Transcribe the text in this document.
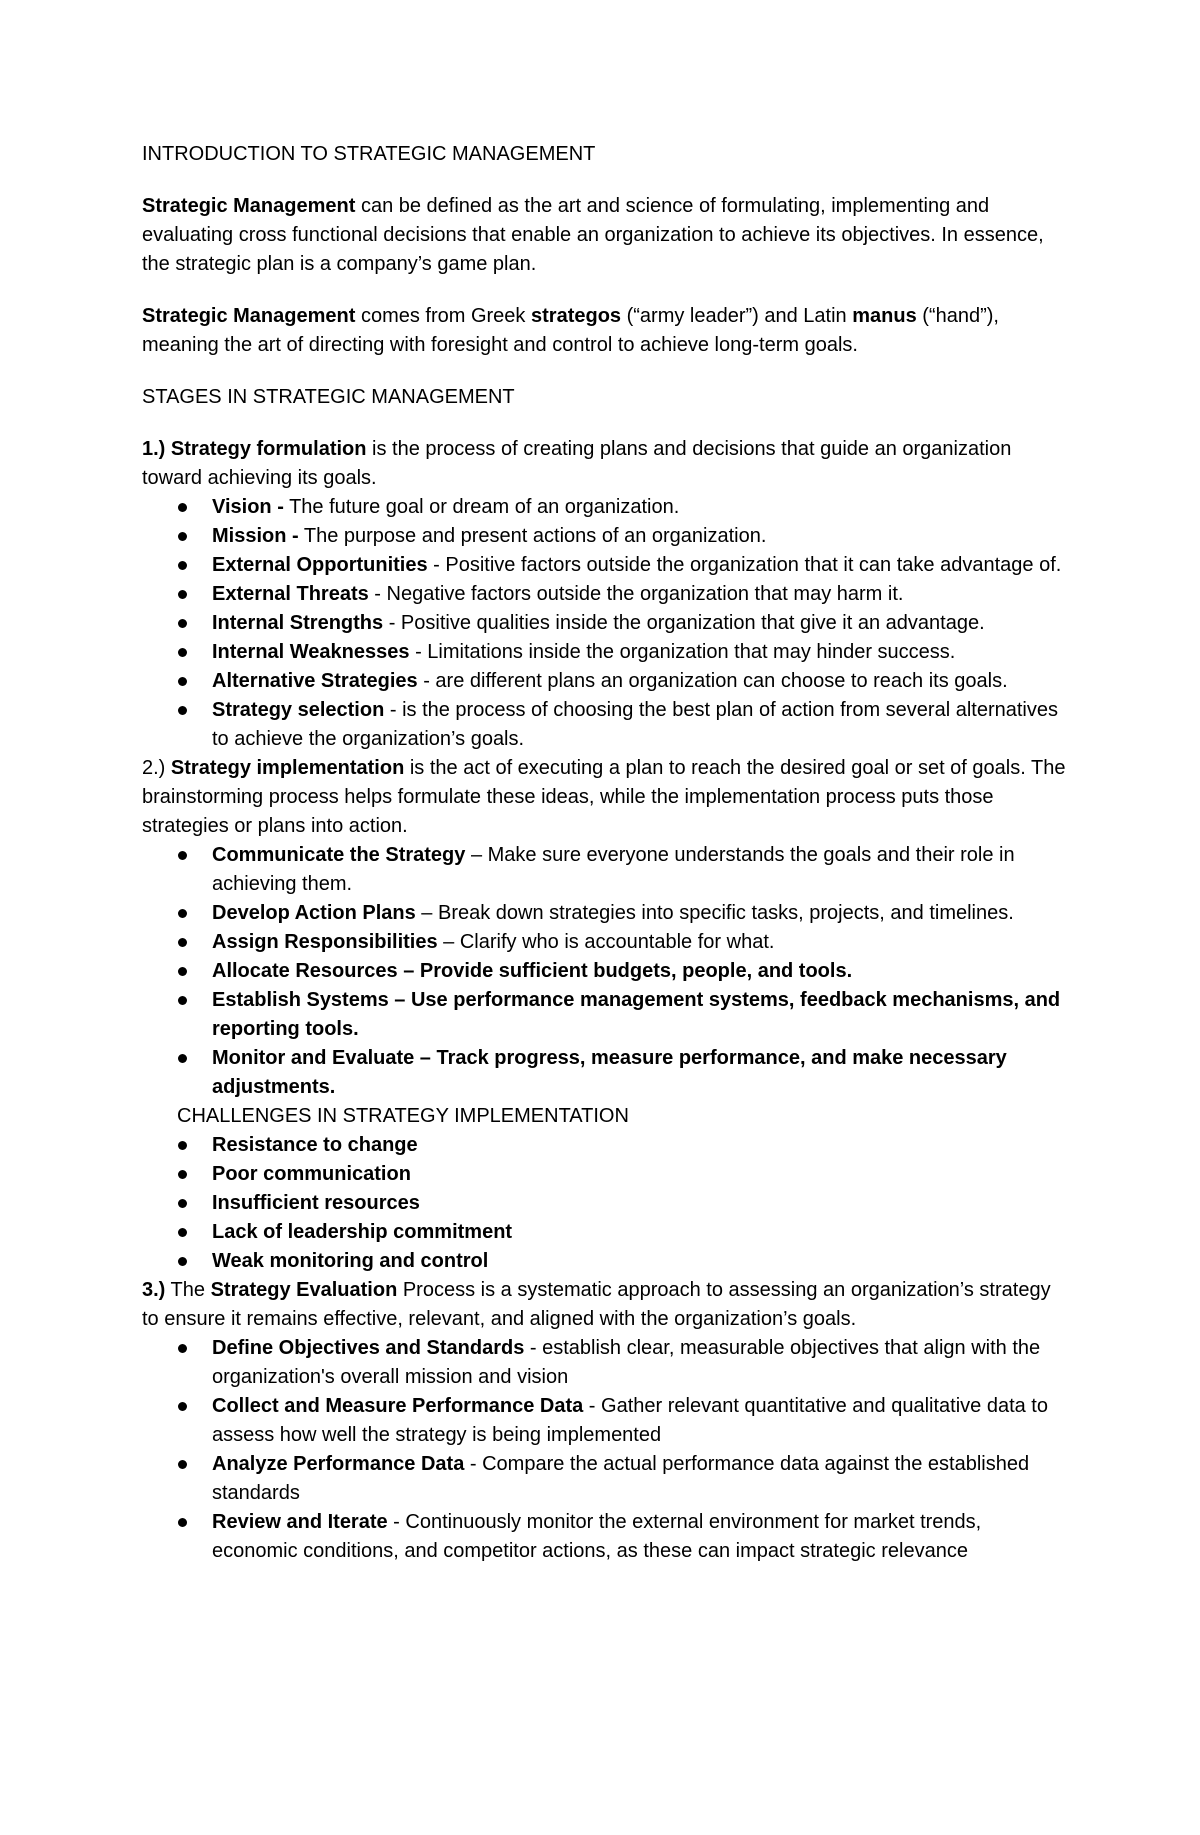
INTRODUCTION TO STRATEGIC MANAGEMENT

Strategic Management can be defined as the art and science of formulating, implementing and evaluating cross functional decisions that enable an organization to achieve its objectives. In essence, the strategic plan is a company’s game plan.

Strategic Management comes from Greek strategos (“army leader”) and Latin manus (“hand”), meaning the art of directing with foresight and control to achieve long-term goals.

STAGES IN STRATEGIC MANAGEMENT

1.) Strategy formulation is the process of creating plans and decisions that guide an organization toward achieving its goals.

Vision - The future goal or dream of an organization.
Mission - The purpose and present actions of an organization.
External Opportunities - Positive factors outside the organization that it can take advantage of.
External Threats - Negative factors outside the organization that may harm it.
Internal Strengths - Positive qualities inside the organization that give it an advantage.
Internal Weaknesses - Limitations inside the organization that may hinder success.
Alternative Strategies - are different plans an organization can choose to reach its goals.
Strategy selection - is the process of choosing the best plan of action from several alternatives to achieve the organization’s goals.

2.) Strategy implementation is the act of executing a plan to reach the desired goal or set of goals. The brainstorming process helps formulate these ideas, while the implementation process puts those strategies or plans into action.

Communicate the Strategy – Make sure everyone understands the goals and their role in achieving them.
Develop Action Plans – Break down strategies into specific tasks, projects, and timelines.
Assign Responsibilities – Clarify who is accountable for what.
Allocate Resources – Provide sufficient budgets, people, and tools.
Establish Systems – Use performance management systems, feedback mechanisms, and reporting tools.
Monitor and Evaluate – Track progress, measure performance, and make necessary adjustments.

CHALLENGES IN STRATEGY IMPLEMENTATION

Resistance to change
Poor communication
Insufficient resources
Lack of leadership commitment
Weak monitoring and control

3.) The Strategy Evaluation Process is a systematic approach to assessing an organization’s strategy to ensure it remains effective, relevant, and aligned with the organization’s goals.

Define Objectives and Standards - establish clear, measurable objectives that align with the organization's overall mission and vision
Collect and Measure Performance Data - Gather relevant quantitative and qualitative data to assess how well the strategy is being implemented
Analyze Performance Data - Compare the actual performance data against the established standards
Review and Iterate - Continuously monitor the external environment for market trends, economic conditions, and competitor actions, as these can impact strategic relevance
